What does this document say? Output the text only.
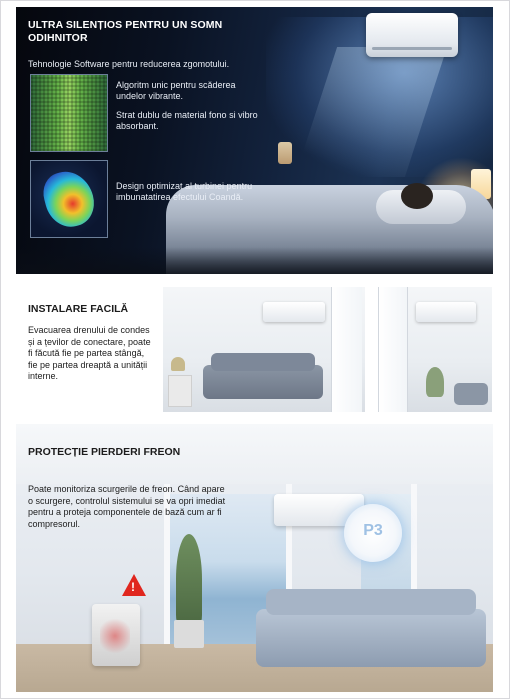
ULTRA SILENȚIOS PENTRU UN SOMN ODIHNITOR
Tehnologie Software pentru reducerea zgomotului.

Algoritm unic pentru scăderea undelor vibrante.

Strat dublu de material fono si vibro absorbant.

Design optimizat al turbinei pentru imbunatatirea efectului Coandă.

INSTALARE FACILĂ
Evacuarea drenului de condes și a țevilor de conectare, poate fi făcută fie pe partea stângă, fie pe partea dreaptă a unității interne.
P3
!
PROTECȚIE PIERDERI FREON
Poate monitoriza scurgerile de freon. Când apare o scurgere, controlul sistemului se va opri imediat pentru a proteja componentele de bază cum ar fi compresorul.
